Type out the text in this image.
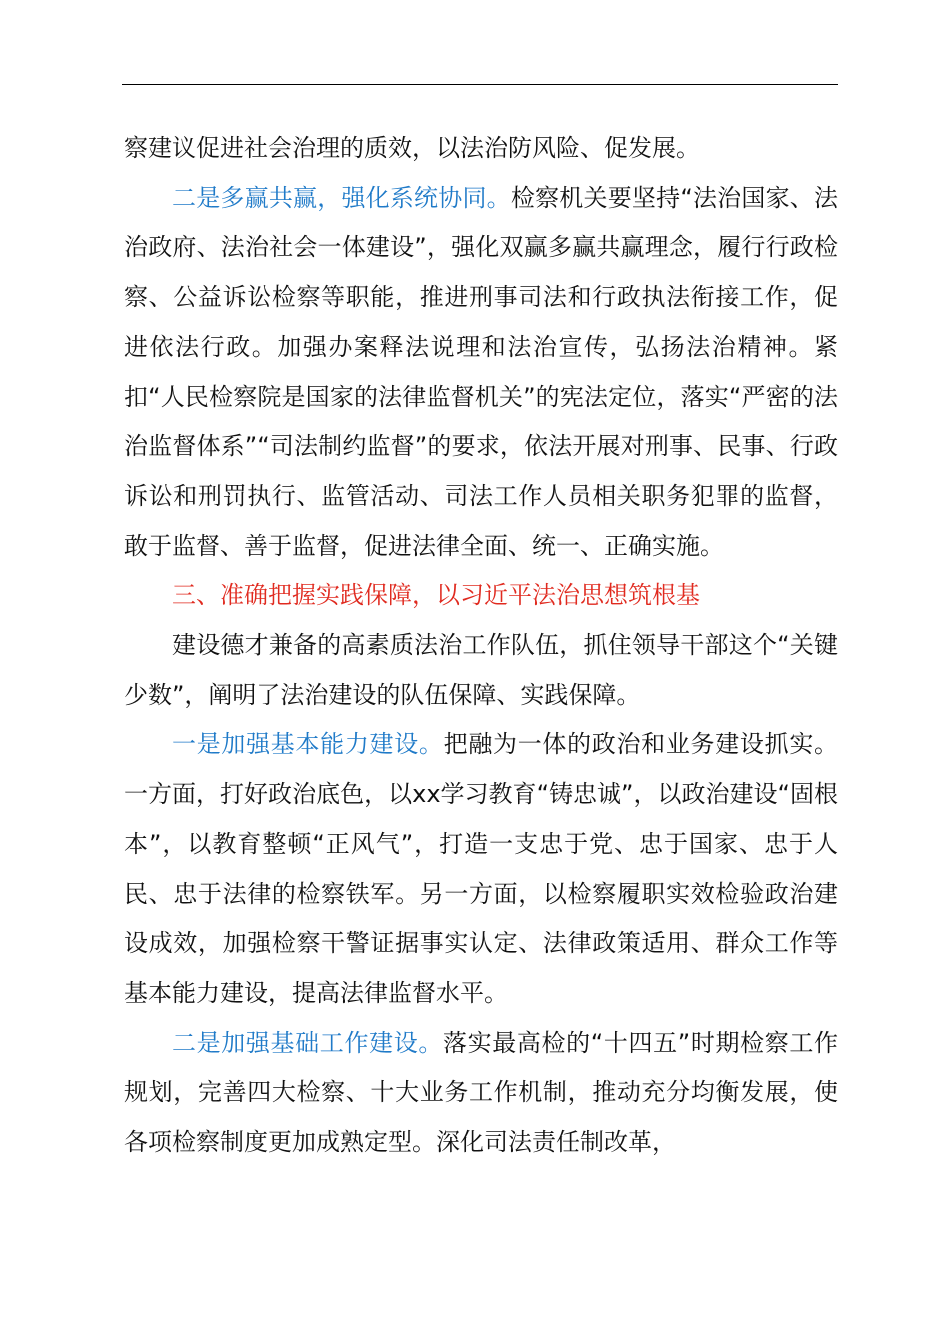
察建议促进社会治理的质效，以法治防风险、促发展。

二是多赢共赢，强化系统协同。检察机关要坚持“法治国家、法治政府、法治社会一体建设”，强化双赢多赢共赢理念，履行行政检察、公益诉讼检察等职能，推进刑事司法和行政执法衔接工作，促进依法行政。加强办案释法说理和法治宣传，弘扬法治精神。紧扣“人民检察院是国家的法律监督机关”的宪法定位，落实“严密的法治监督体系”“司法制约监督”的要求，依法开展对刑事、民事、行政诉讼和刑罚执行、监管活动、司法工作人员相关职务犯罪的监督，敢于监督、善于监督，促进法律全面、统一、正确实施。

三、准确把握实践保障，以习近平法治思想筑根基

建设德才兼备的高素质法治工作队伍，抓住领导干部这个“关键少数”，阐明了法治建设的队伍保障、实践保障。

一是加强基本能力建设。把融为一体的政治和业务建设抓实。一方面，打好政治底色，以xx学习教育“铸忠诚”，以政治建设“固根本”，以教育整顿“正风气”，打造一支忠于党、忠于国家、忠于人民、忠于法律的检察铁军。另一方面，以检察履职实效检验政治建设成效，加强检察干警证据事实认定、法律政策适用、群众工作等基本能力建设，提高法律监督水平。

二是加强基础工作建设。落实最高检的“十四五”时期检察工作规划，完善四大检察、十大业务工作机制，推动充分均衡发展，使各项检察制度更加成熟定型。深化司法责任制改革，
